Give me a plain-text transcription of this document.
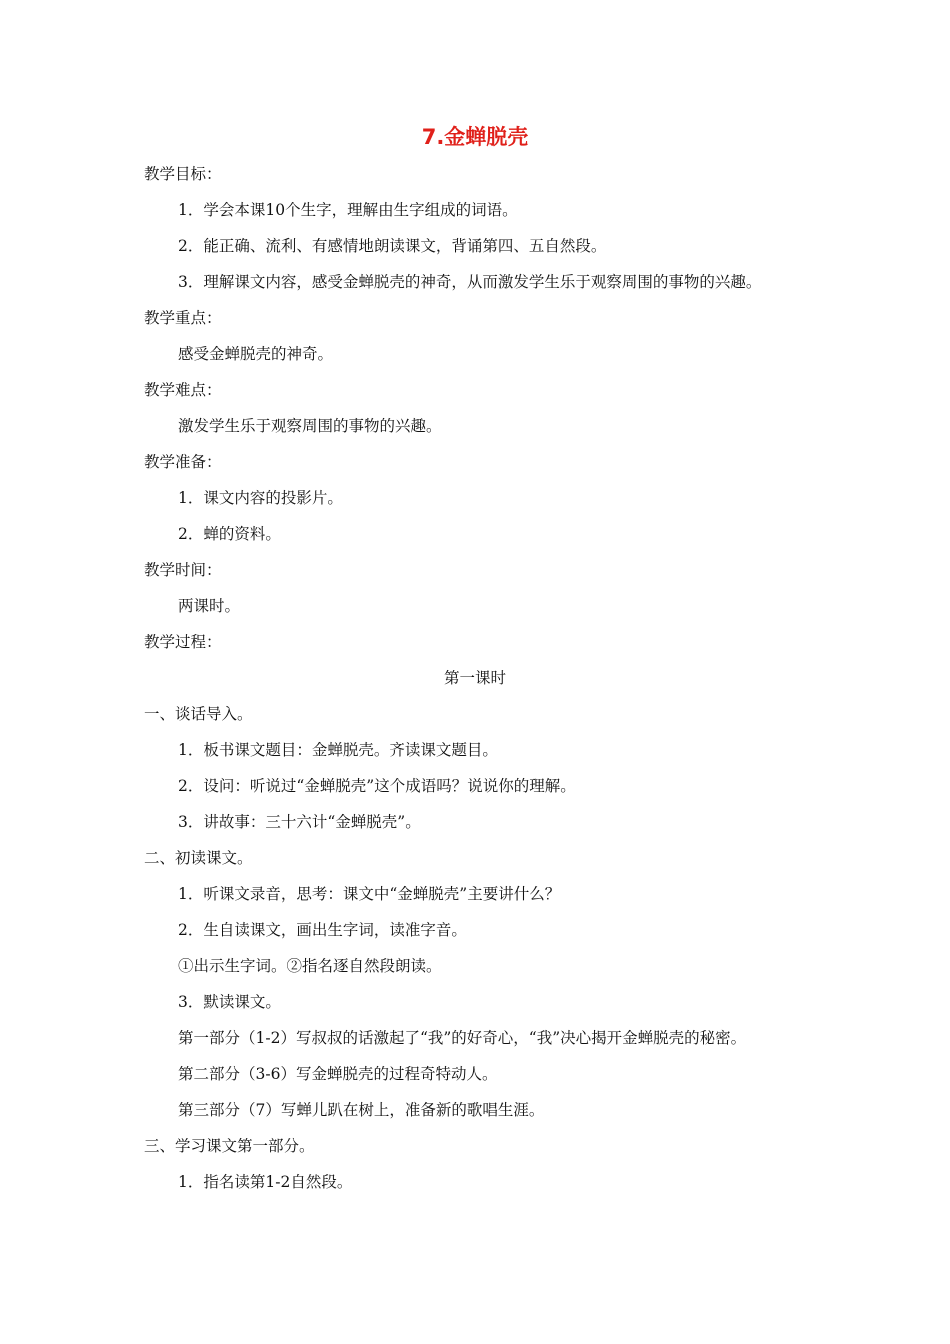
7.金蝉脱壳
教学目标：
1．学会本课10个生字，理解由生字组成的词语。
2．能正确、流利、有感情地朗读课文，背诵第四、五自然段。
3．理解课文内容，感受金蝉脱壳的神奇，从而激发学生乐于观察周围的事物的兴趣。
教学重点：
感受金蝉脱壳的神奇。
教学难点：
激发学生乐于观察周围的事物的兴趣。
教学准备：
1．课文内容的投影片。
2．蝉的资料。
教学时间：
两课时。
教学过程：
第一课时
一、谈话导入。
1．板书课文题目：金蝉脱壳。齐读课文题目。
2．设问：听说过“金蝉脱壳”这个成语吗？说说你的理解。
3．讲故事：三十六计“金蝉脱壳”。
二、初读课文。
1．听课文录音，思考：课文中“金蝉脱壳”主要讲什么？
2．生自读课文，画出生字词，读准字音。
①出示生字词。②指名逐自然段朗读。
3．默读课文。
第一部分（1-2）写叔叔的话激起了“我”的好奇心，“我”决心揭开金蝉脱壳的秘密。
第二部分（3-6）写金蝉脱壳的过程奇特动人。
第三部分（7）写蝉儿趴在树上，准备新的歌唱生涯。
三、学习课文第一部分。
1．指名读第1-2自然段。
